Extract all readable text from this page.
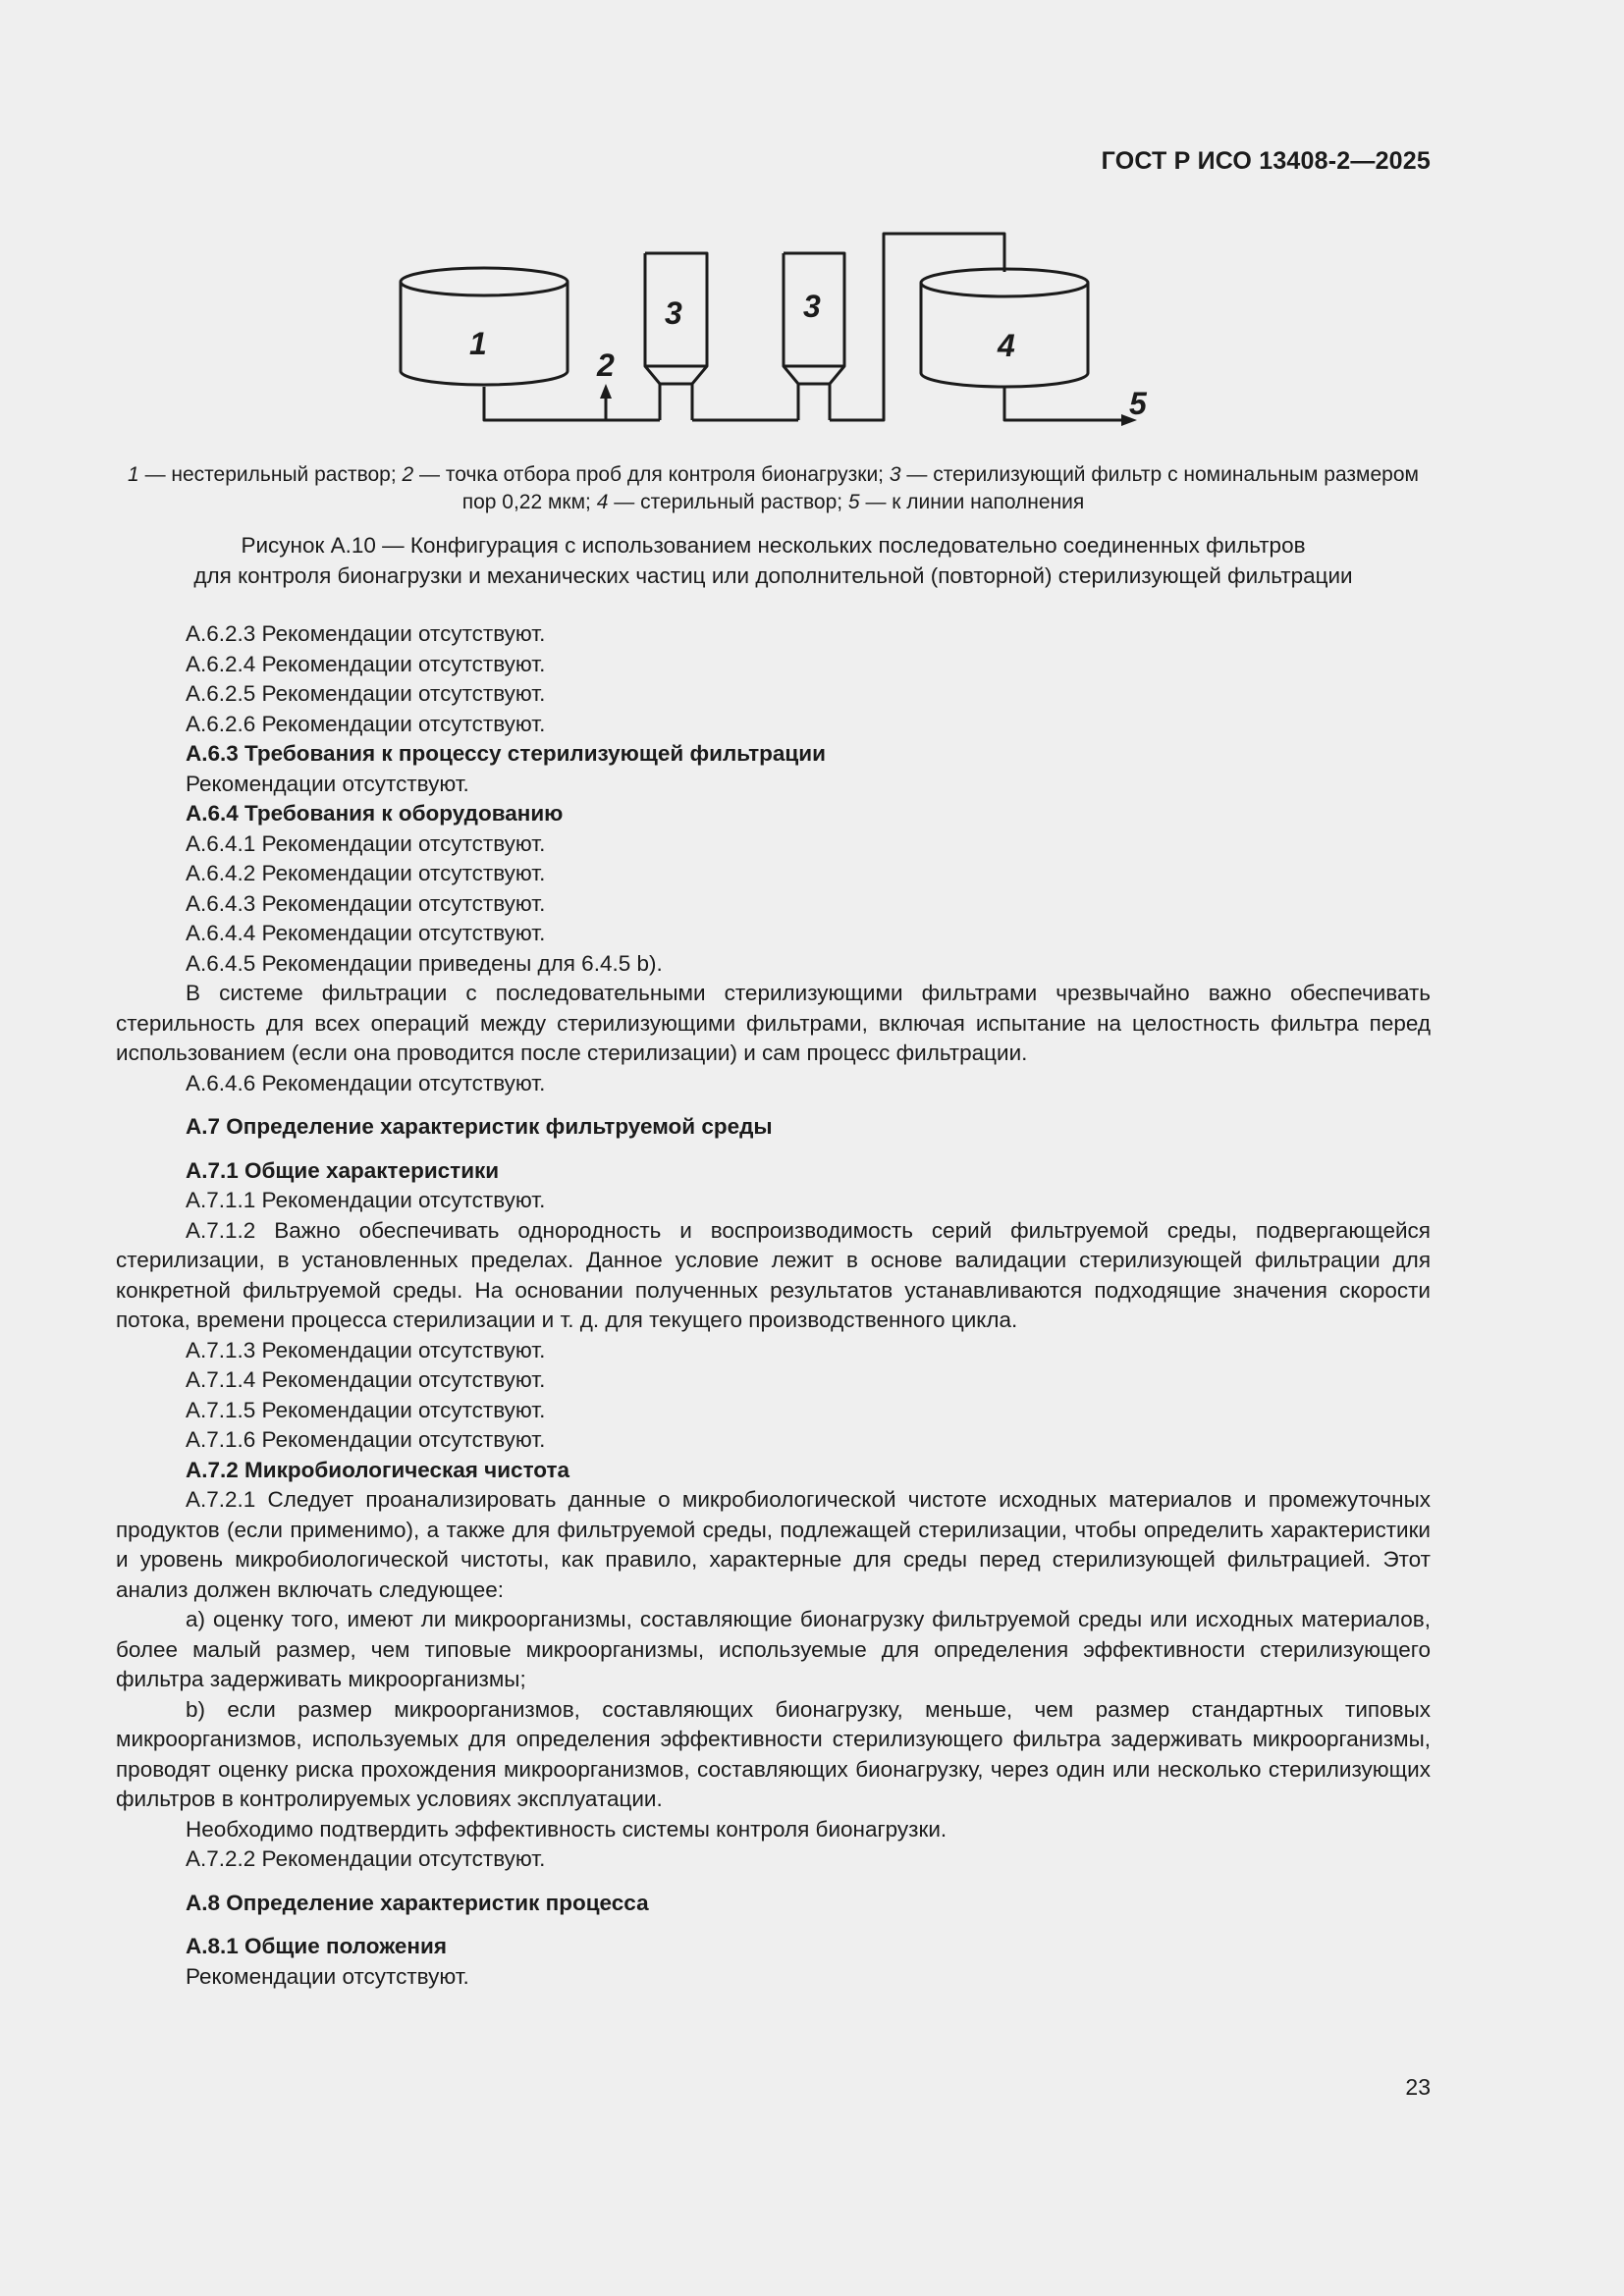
ГОСТ Р ИСО 13408-2—2025
1
2
3	3
4
5
1 — нестерильный раствор; 2 — точка отбора проб для контроля бионагрузки; 3 — стерилизующий фильтр с номинальным размером пор 0,22 мкм; 4 — стерильный раствор; 5 — к линии наполнения
Рисунок А.10 — Конфигурация с использованием нескольких последовательно соединенных фильтров
для контроля бионагрузки и механических частиц или дополнительной (повторной) стерилизующей фильтрации

А.6.2.3 Рекомендации отсутствуют.

А.6.2.4 Рекомендации отсутствуют.

А.6.2.5 Рекомендации отсутствуют.

А.6.2.6 Рекомендации отсутствуют.

А.6.3 Требования к процессу стерилизующей фильтрации

Рекомендации отсутствуют.

А.6.4 Требования к оборудованию

А.6.4.1 Рекомендации отсутствуют.

А.6.4.2 Рекомендации отсутствуют.

А.6.4.3 Рекомендации отсутствуют.

А.6.4.4 Рекомендации отсутствуют.

А.6.4.5 Рекомендации приведены для 6.4.5 b).

В системе фильтрации с последовательными стерилизующими фильтрами чрезвычайно важно обеспечивать стерильность для всех операций между стерилизующими фильтрами, включая испытание на целостность фильтра перед использованием (если она проводится после стерилизации) и сам процесс фильтрации.

А.6.4.6 Рекомендации отсутствуют.

А.7 Определение характеристик фильтруемой среды

А.7.1 Общие характеристики

А.7.1.1 Рекомендации отсутствуют.

А.7.1.2 Важно обеспечивать однородность и воспроизводимость серий фильтруемой среды, подвергающейся стерилизации, в установленных пределах. Данное условие лежит в основе валидации стерилизующей фильтрации для конкретной фильтруемой среды. На основании полученных результатов устанавливаются подходящие значения скорости потока, времени процесса стерилизации и т. д. для текущего производственного цикла.

А.7.1.3 Рекомендации отсутствуют.

А.7.1.4 Рекомендации отсутствуют.

А.7.1.5 Рекомендации отсутствуют.

А.7.1.6 Рекомендации отсутствуют.

А.7.2 Микробиологическая чистота

А.7.2.1 Следует проанализировать данные о микробиологической чистоте исходных материалов и промежуточных продуктов (если применимо), а также для фильтруемой среды, подлежащей стерилизации, чтобы определить характеристики и уровень микробиологической чистоты, как правило, характерные для среды перед стерилизующей фильтрацией. Этот анализ должен включать следующее:

a) оценку того, имеют ли микроорганизмы, составляющие бионагрузку фильтруемой среды или исходных материалов, более малый размер, чем типовые микроорганизмы, используемые для определения эффективности стерилизующего фильтра задерживать микроорганизмы;

b) если размер микроорганизмов, составляющих бионагрузку, меньше, чем размер стандартных типовых микроорганизмов, используемых для определения эффективности стерилизующего фильтра задерживать микроорганизмы, проводят оценку риска прохождения микроорганизмов, составляющих бионагрузку, через один или несколько стерилизующих фильтров в контролируемых условиях эксплуатации.

Необходимо подтвердить эффективность системы контроля бионагрузки.

А.7.2.2 Рекомендации отсутствуют.

А.8 Определение характеристик процесса

А.8.1 Общие положения

Рекомендации отсутствуют.

23
